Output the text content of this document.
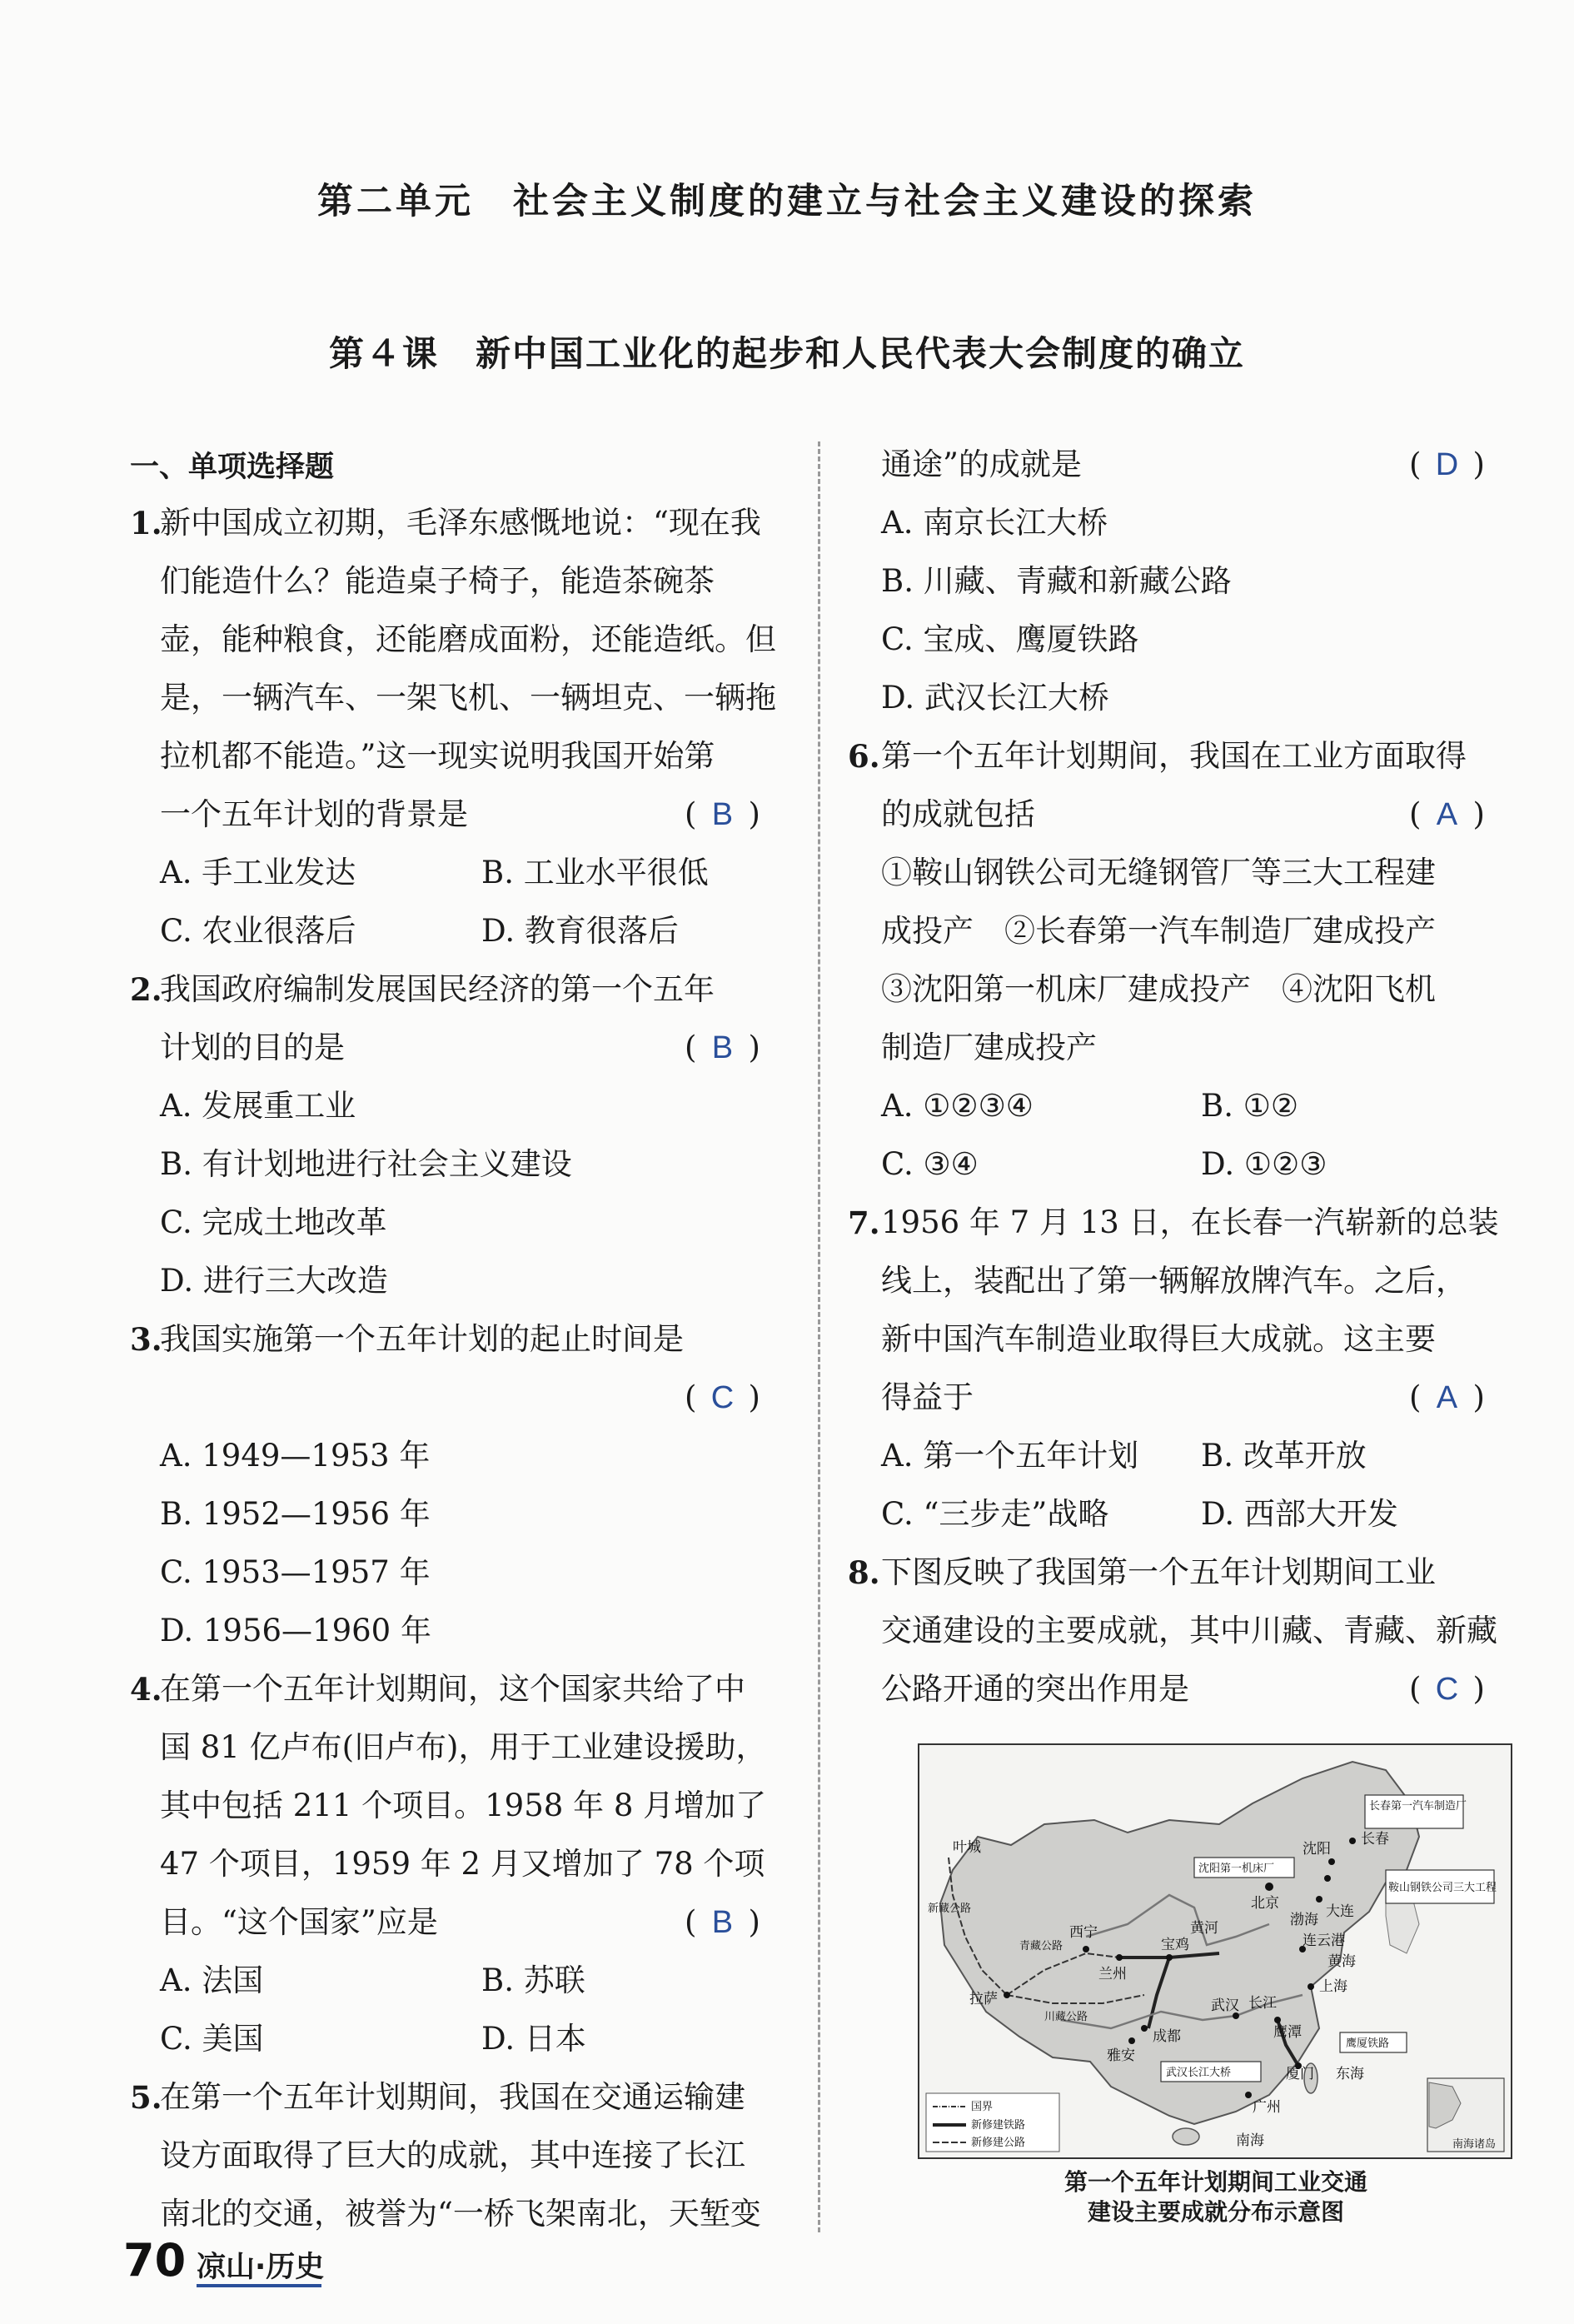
第二单元　社会主义制度的建立与社会主义建设的探索
第４课　新中国工业化的起步和人民代表大会制度的确立
一、单项选择题
1.
新中国成立初期，毛泽东感慨地说：“现在我
们能造什么？能造桌子椅子，能造茶碗茶
壶，能种粮食，还能磨成面粉，还能造纸。但
是，一辆汽车、一架飞机、一辆坦克、一辆拖
拉机都不能造。”这一现实说明我国开始第
一个五年计划的背景是	( B )
A. 手工业发达	B. 工业水平很低
C. 农业很落后	D. 教育很落后
2.
我国政府编制发展国民经济的第一个五年
计划的目的是	( B )
A. 发展重工业
B. 有计划地进行社会主义建设
C. 完成土地改革
D. 进行三大改造
3.
我国实施第一个五年计划的起止时间是
( C )
A. 1949—1953 年
B. 1952—1956 年
C. 1953—1957 年
D. 1956—1960 年
4.
在第一个五年计划期间，这个国家共给了中
国 81 亿卢布(旧卢布)，用于工业建设援助，
其中包括 211 个项目。1958 年 8 月增加了
47 个项目，1959 年 2 月又增加了 78 个项
目。“这个国家”应是	( B )
A. 法国	B. 苏联
C. 美国	D. 日本
5.
在第一个五年计划期间，我国在交通运输建
设方面取得了巨大的成就，其中连接了长江
南北的交通，被誉为“一桥飞架南北，天堑变
通途”的成就是	( D )
A. 南京长江大桥
B. 川藏、青藏和新藏公路
C. 宝成、鹰厦铁路
D. 武汉长江大桥
6. 第一个五年计划期间，我国在工业方面取得
的成就包括	( A )
①鞍山钢铁公司无缝钢管厂等三大工程建
成投产　②长春第一汽车制造厂建成投产
③沈阳第一机床厂建成投产　④沈阳飞机
制造厂建成投产
A. ①②③④	B. ①②
C. ③④	D. ①②③
7. 1956 年 7 月 13 日，在长春一汽崭新的总装
线上，装配出了第一辆解放牌汽车。之后，
新中国汽车制造业取得巨大成就。这主要
得益于	( A )
A. 第一个五年计划 B. 改革开放
C. “三步走”战略	D. 西部大开发
8. 下图反映了我国第一个五年计划期间工业
交通建设的主要成就，其中川藏、青藏、新藏
公路开通的突出作用是	( C )
长春第一汽车制造厂
鞍山钢铁公司三大工程
沈阳第一机床厂
武汉长江大桥
鹰厦铁路
长春
沈阳
北京	大连
渤海
黄海
连云港
上海
东海
厦门
广州
南海
鹰潭
武汉 长江
黄河
西宁
兰州
宝鸡
成都
雅安
拉萨
叶城
新藏公路
青藏公路
川藏公路
国界
新修建铁路
新修建公路	南海诸岛
第一个五年计划期间工业交通
建设主要成就分布示意图
70 凉山·历史
